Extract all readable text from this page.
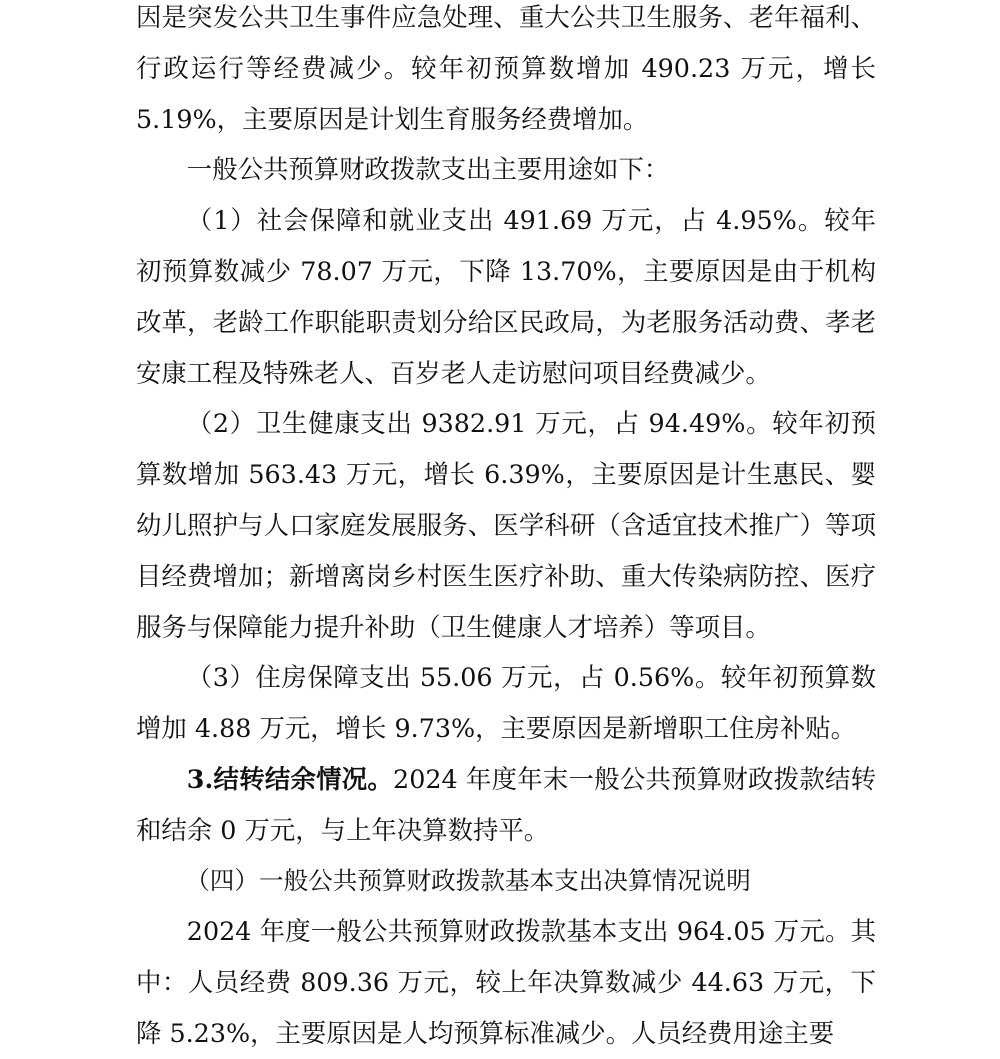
因是突发公共卫生事件应急处理、重大公共卫生服务、老年福利、行政运行等经费减少。较年初预算数增加 490.23 万元，增长 5.19%，主要原因是计划生育服务经费增加。

一般公共预算财政拨款支出主要用途如下：

（1）社会保障和就业支出 491.69 万元，占 4.95%。较年初预算数减少 78.07 万元，下降 13.70%，主要原因是由于机构改革，老龄工作职能职责划分给区民政局，为老服务活动费、孝老安康工程及特殊老人、百岁老人走访慰问项目经费减少。

（2）卫生健康支出 9382.91 万元，占 94.49%。较年初预算数增加 563.43 万元，增长 6.39%，主要原因是计生惠民、婴幼儿照护与人口家庭发展服务、医学科研（含适宜技术推广）等项目经费增加；新增离岗乡村医生医疗补助、重大传染病防控、医疗服务与保障能力提升补助（卫生健康人才培养）等项目。

（3）住房保障支出 55.06 万元，占 0.56%。较年初预算数增加 4.88 万元，增长 9.73%，主要原因是新增职工住房补贴。

3.结转结余情况。2024 年度年末一般公共预算财政拨款结转和结余 0 万元，与上年决算数持平。

（四）一般公共预算财政拨款基本支出决算情况说明

2024 年度一般公共预算财政拨款基本支出 964.05 万元。其中：人员经费 809.36 万元，较上年决算数减少 44.63 万元，下降 5.23%，主要原因是人均预算标准减少。人员经费用途主要
